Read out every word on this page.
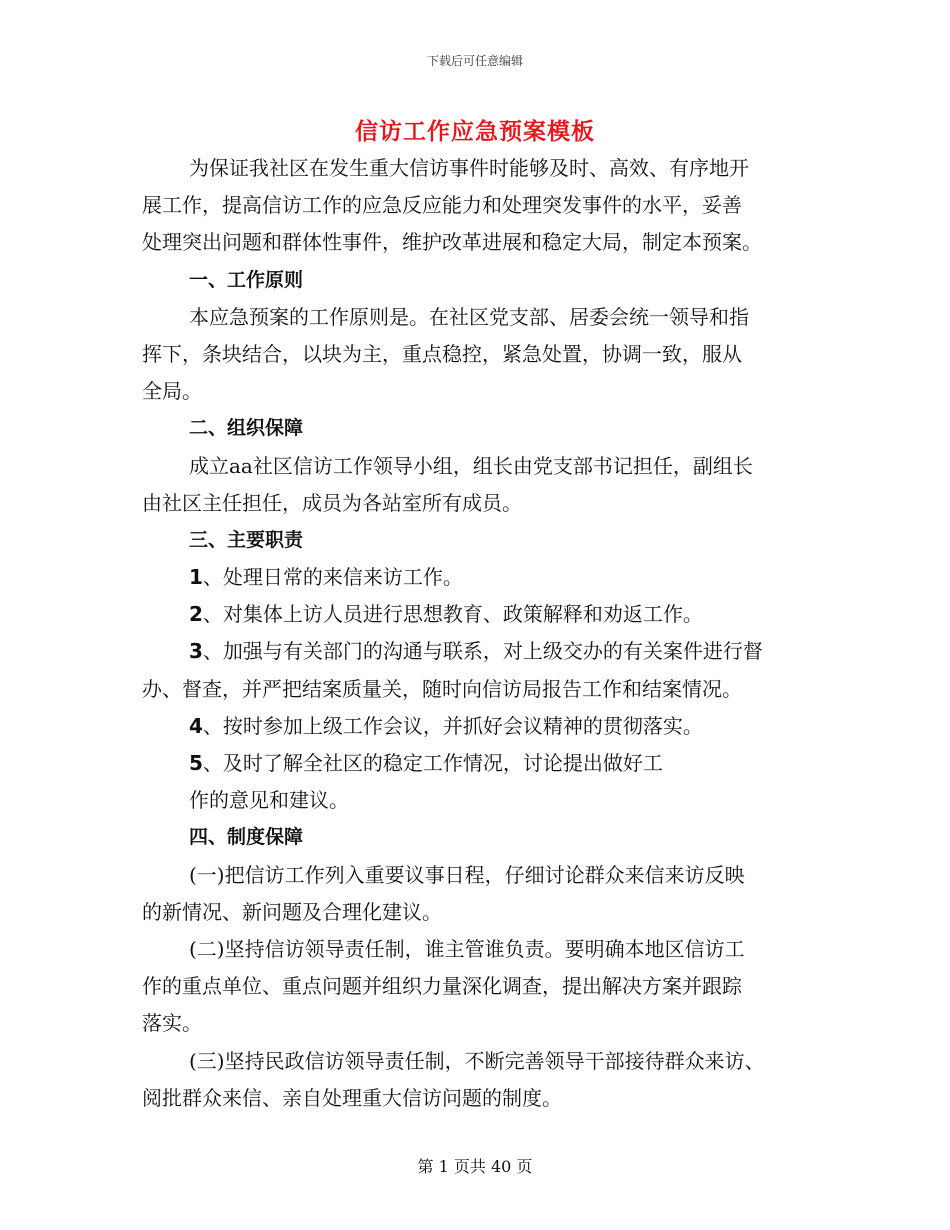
下载后可任意编辑
信访工作应急预案模板
为保证我社区在发生重大信访事件时能够及时、高效、有序地开
展工作，提高信访工作的应急反应能力和处理突发事件的水平，妥善
处理突出问题和群体性事件，维护改革进展和稳定大局，制定本预案。
一、工作原则
本应急预案的工作原则是。在社区党支部、居委会统一领导和指
挥下，条块结合，以块为主，重点稳控，紧急处置，协调一致，服从
全局。
二、组织保障
成立aa社区信访工作领导小组，组长由党支部书记担任，副组长
由社区主任担任，成员为各站室所有成员。
三、主要职责
1、处理日常的来信来访工作。
2、对集体上访人员进行思想教育、政策解释和劝返工作。
3、加强与有关部门的沟通与联系，对上级交办的有关案件进行督
办、督查，并严把结案质量关，随时向信访局报告工作和结案情况。
4、按时参加上级工作会议，并抓好会议精神的贯彻落实。
5、及时了解全社区的稳定工作情况，讨论提出做好工
作的意见和建议。
四、制度保障
(一)把信访工作列入重要议事日程，仔细讨论群众来信来访反映
的新情况、新问题及合理化建议。
(二)坚持信访领导责任制，谁主管谁负责。要明确本地区信访工
作的重点单位、重点问题并组织力量深化调查，提出解决方案并跟踪
落实。
(三)坚持民政信访领导责任制，不断完善领导干部接待群众来访、
阅批群众来信、亲自处理重大信访问题的制度。
第 1 页共 40 页
